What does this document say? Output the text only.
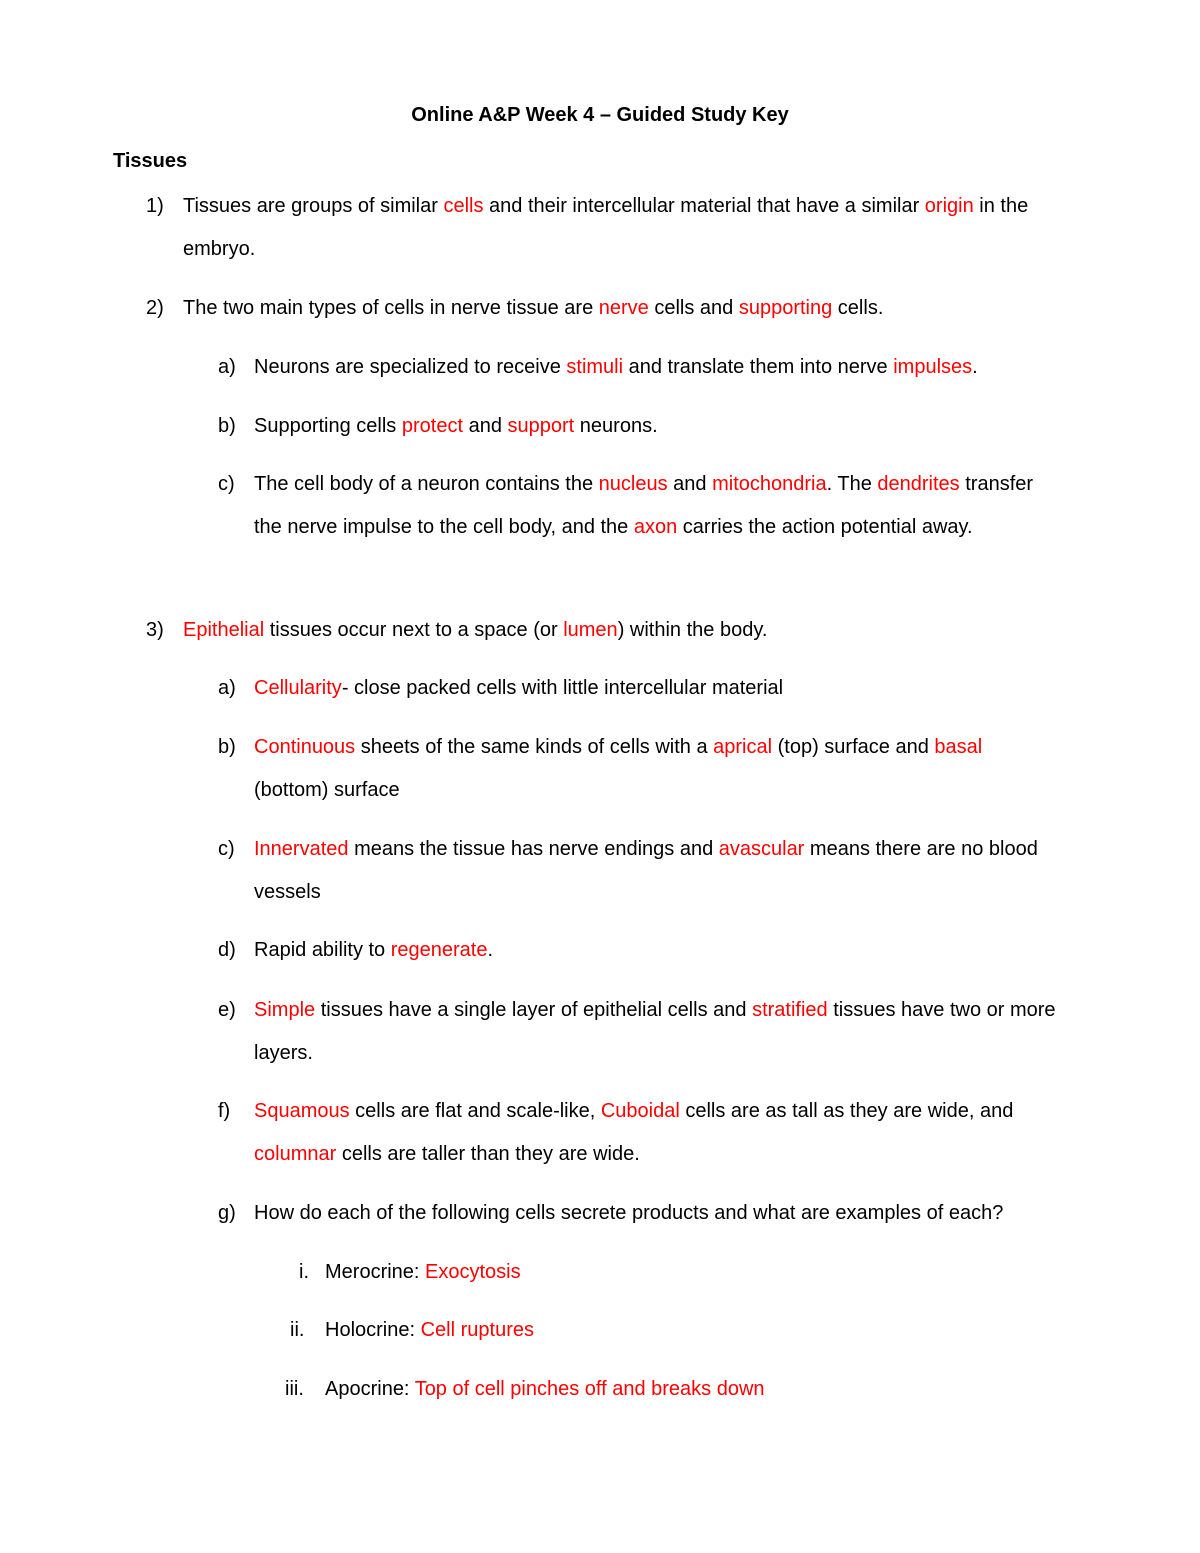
Online A&P Week 4 – Guided Study Key
Tissues
1) Tissues are groups of similar cells and their intercellular material that have a similar origin in the embryo.
2) The two main types of cells in nerve tissue are nerve cells and supporting cells.
a) Neurons are specialized to receive stimuli and translate them into nerve impulses.
b) Supporting cells protect and support neurons.
c) The cell body of a neuron contains the nucleus and mitochondria. The dendrites transfer the nerve impulse to the cell body, and the axon carries the action potential away.
3) Epithelial tissues occur next to a space (or lumen) within the body.
a) Cellularity- close packed cells with little intercellular material
b) Continuous sheets of the same kinds of cells with a aprical (top) surface and basal (bottom) surface
c) Innervated means the tissue has nerve endings and avascular means there are no blood vessels
d) Rapid ability to regenerate.
e) Simple tissues have a single layer of epithelial cells and stratified tissues have two or more layers.
f) Squamous cells are flat and scale-like, Cuboidal cells are as tall as they are wide, and columnar cells are taller than they are wide.
g) How do each of the following cells secrete products and what are examples of each?
i. Merocrine: Exocytosis
ii. Holocrine: Cell ruptures
iii. Apocrine: Top of cell pinches off and breaks down
